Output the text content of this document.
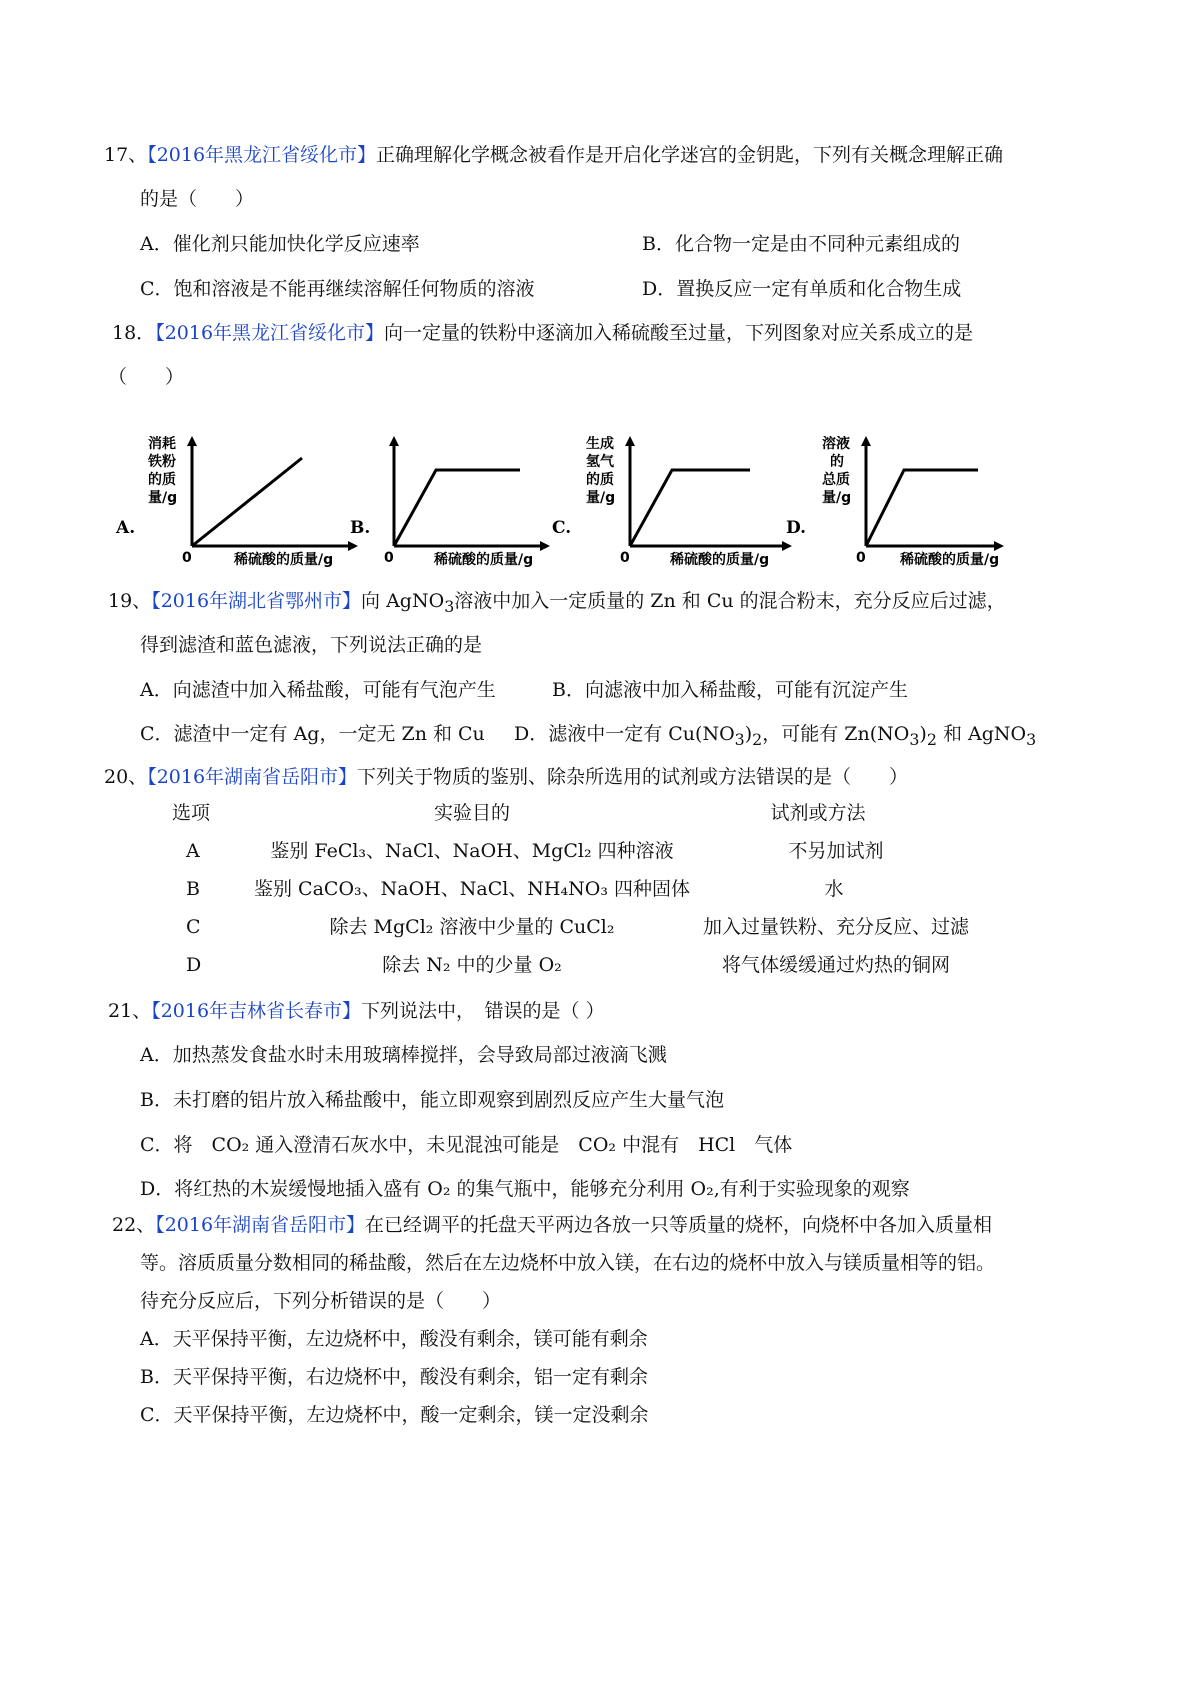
17、【2016年黑龙江省绥化市】正确理解化学概念被看作是开启化学迷宫的金钥匙，下列有关概念理解正确
的是（　　）
A．催化剂只能加快化学反应速率	B．化合物一定是由不同种元素组成的
C．饱和溶液是不能再继续溶解任何物质的溶液	D．置换反应一定有单质和化合物生成
18．【2016年黑龙江省绥化市】向一定量的铁粉中逐滴加入稀硫酸至过量，下列图象对应关系成立的是
（　　）
A.
消耗
铁粉
的质
量/g
0	稀硫酸的质量/g
B.
0	稀硫酸的质量/g
C.
生成
氢气
的质
量/g
0	稀硫酸的质量/g
D.
溶液
的
总质
量/g
0 稀硫酸的质量/g
19、【2016年湖北省鄂州市】向 AgNO$_3$溶液中加入一定质量的 Zn 和 Cu 的混合粉末，充分反应后过滤，
得到滤渣和蓝色滤液，下列说法正确的是
A．向滤渣中加入稀盐酸，可能有气泡产生	B．向滤液中加入稀盐酸，可能有沉淀产生
C．滤渣中一定有 Ag，一定无 Zn 和 Cu D．滤液中一定有 $Cu(NO_3)_2$，可能有 $Zn(NO_3)_2$ 和 AgNO$_3$
20、【2016年湖南省岳阳市】下列关于物质的鉴别、除杂所选用的试剂或方法错误的是（　　）
选项	实验目的	试剂或方法
A	鉴别 FeCl₃、NaCl、NaOH、MgCl₂ 四种溶液	不另加试剂
B	鉴别 CaCO₃、NaOH、NaCl、NH₄NO₃ 四种固体	水
C	除去 MgCl₂ 溶液中少量的 CuCl₂	加入过量铁粉、充分反应、过滤
D	除去 N₂ 中的少量 O₂	将气体缓缓通过灼热的铜网
21、【2016年吉林省长春市】下列说法中，　错误的是（ ）
A．加热蒸发食盐水时未用玻璃棒搅拌，会导致局部过液滴飞溅
B．未打磨的铝片放入稀盐酸中，能立即观察到剧烈反应产生大量气泡
C．将　CO₂ 通入澄清石灰水中，未见混浊可能是　CO₂ 中混有　HCl　气体
D．将红热的木炭缓慢地插入盛有 O₂ 的集气瓶中，能够充分利用 O₂,有利于实验现象的观察
22、【2016年湖南省岳阳市】在已经调平的托盘天平两边各放一只等质量的烧杯，向烧杯中各加入质量相
等。溶质质量分数相同的稀盐酸，然后在左边烧杯中放入镁，在右边的烧杯中放入与镁质量相等的铝。
待充分反应后，下列分析错误的是（　　）
A．天平保持平衡，左边烧杯中，酸没有剩余，镁可能有剩余
B．天平保持平衡，右边烧杯中，酸没有剩余，铝一定有剩余
C．天平保持平衡，左边烧杯中，酸一定剩余，镁一定没剩余
